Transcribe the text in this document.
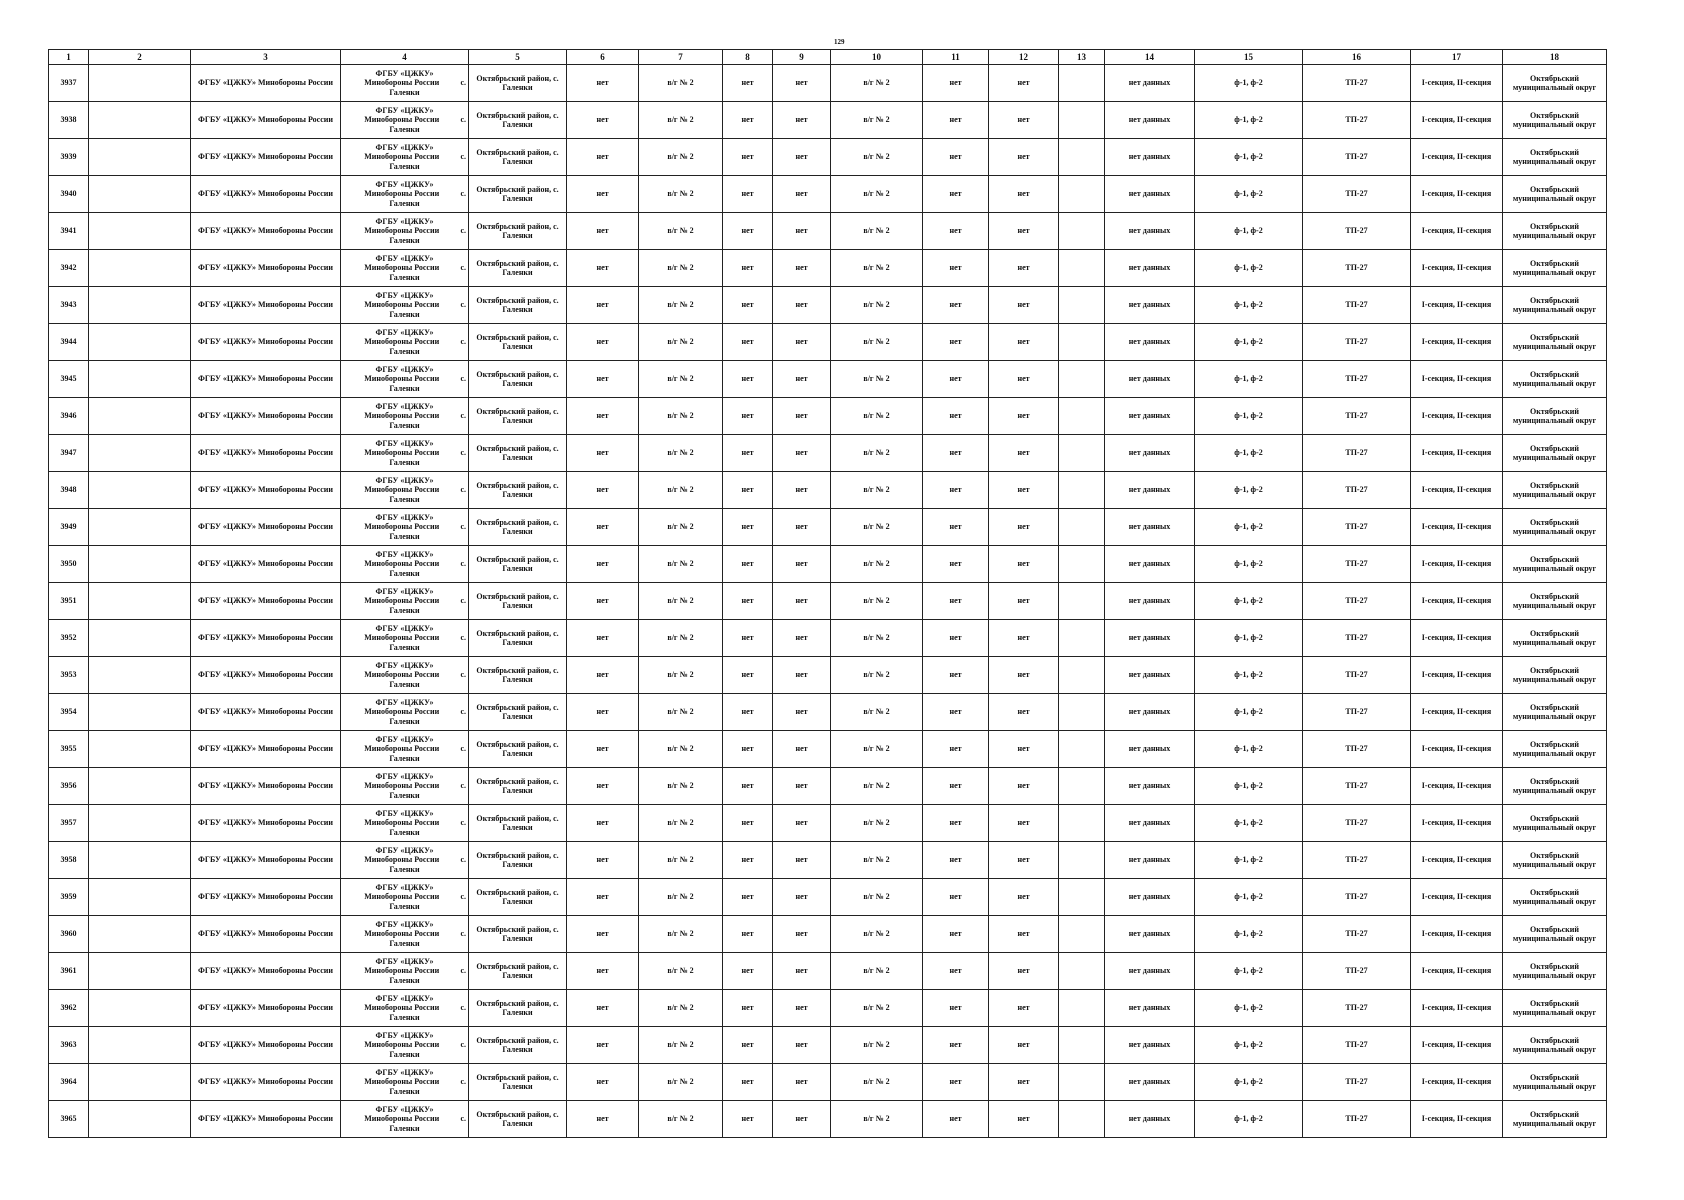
129
1	2	3	4	5	6	7	8	9	10	11	12	13	14	15	16	17	18
3937		ФГБУ «ЦЖКУ» Минобороны России	ФГБУ «ЦЖКУ»
Минобороны России с.
Галенки	Октябрьский район, с. Галенки	нет	в/г № 2	нет	нет	в/г № 2	нет	нет		нет данных	ф-1, ф-2	ТП-27	I-секция, II-секция	Октябрьский муниципальный округ
3938		ФГБУ «ЦЖКУ» Минобороны России	ФГБУ «ЦЖКУ»
Минобороны России с.
Галенки	Октябрьский район, с. Галенки	нет	в/г № 2	нет	нет	в/г № 2	нет	нет		нет данных	ф-1, ф-2	ТП-27	I-секция, II-секция	Октябрьский муниципальный округ
3939		ФГБУ «ЦЖКУ» Минобороны России	ФГБУ «ЦЖКУ»
Минобороны России с.
Галенки	Октябрьский район, с. Галенки	нет	в/г № 2	нет	нет	в/г № 2	нет	нет		нет данных	ф-1, ф-2	ТП-27	I-секция, II-секция	Октябрьский муниципальный округ
3940		ФГБУ «ЦЖКУ» Минобороны России	ФГБУ «ЦЖКУ»
Минобороны России с.
Галенки	Октябрьский район, с. Галенки	нет	в/г № 2	нет	нет	в/г № 2	нет	нет		нет данных	ф-1, ф-2	ТП-27	I-секция, II-секция	Октябрьский муниципальный округ
3941		ФГБУ «ЦЖКУ» Минобороны России	ФГБУ «ЦЖКУ»
Минобороны России с.
Галенки	Октябрьский район, с. Галенки	нет	в/г № 2	нет	нет	в/г № 2	нет	нет		нет данных	ф-1, ф-2	ТП-27	I-секция, II-секция	Октябрьский муниципальный округ
3942		ФГБУ «ЦЖКУ» Минобороны России	ФГБУ «ЦЖКУ»
Минобороны России с.
Галенки	Октябрьский район, с. Галенки	нет	в/г № 2	нет	нет	в/г № 2	нет	нет		нет данных	ф-1, ф-2	ТП-27	I-секция, II-секция	Октябрьский муниципальный округ
3943		ФГБУ «ЦЖКУ» Минобороны России	ФГБУ «ЦЖКУ»
Минобороны России с.
Галенки	Октябрьский район, с. Галенки	нет	в/г № 2	нет	нет	в/г № 2	нет	нет		нет данных	ф-1, ф-2	ТП-27	I-секция, II-секция	Октябрьский муниципальный округ
3944		ФГБУ «ЦЖКУ» Минобороны России	ФГБУ «ЦЖКУ»
Минобороны России с.
Галенки	Октябрьский район, с. Галенки	нет	в/г № 2	нет	нет	в/г № 2	нет	нет		нет данных	ф-1, ф-2	ТП-27	I-секция, II-секция	Октябрьский муниципальный округ
3945		ФГБУ «ЦЖКУ» Минобороны России	ФГБУ «ЦЖКУ»
Минобороны России с.
Галенки	Октябрьский район, с. Галенки	нет	в/г № 2	нет	нет	в/г № 2	нет	нет		нет данных	ф-1, ф-2	ТП-27	I-секция, II-секция	Октябрьский муниципальный округ
3946		ФГБУ «ЦЖКУ» Минобороны России	ФГБУ «ЦЖКУ»
Минобороны России с.
Галенки	Октябрьский район, с. Галенки	нет	в/г № 2	нет	нет	в/г № 2	нет	нет		нет данных	ф-1, ф-2	ТП-27	I-секция, II-секция	Октябрьский муниципальный округ
3947		ФГБУ «ЦЖКУ» Минобороны России	ФГБУ «ЦЖКУ»
Минобороны России с.
Галенки	Октябрьский район, с. Галенки	нет	в/г № 2	нет	нет	в/г № 2	нет	нет		нет данных	ф-1, ф-2	ТП-27	I-секция, II-секция	Октябрьский муниципальный округ
3948		ФГБУ «ЦЖКУ» Минобороны России	ФГБУ «ЦЖКУ»
Минобороны России с.
Галенки	Октябрьский район, с. Галенки	нет	в/г № 2	нет	нет	в/г № 2	нет	нет		нет данных	ф-1, ф-2	ТП-27	I-секция, II-секция	Октябрьский муниципальный округ
3949		ФГБУ «ЦЖКУ» Минобороны России	ФГБУ «ЦЖКУ»
Минобороны России с.
Галенки	Октябрьский район, с. Галенки	нет	в/г № 2	нет	нет	в/г № 2	нет	нет		нет данных	ф-1, ф-2	ТП-27	I-секция, II-секция	Октябрьский муниципальный округ
3950		ФГБУ «ЦЖКУ» Минобороны России	ФГБУ «ЦЖКУ»
Минобороны России с.
Галенки	Октябрьский район, с. Галенки	нет	в/г № 2	нет	нет	в/г № 2	нет	нет		нет данных	ф-1, ф-2	ТП-27	I-секция, II-секция	Октябрьский муниципальный округ
3951		ФГБУ «ЦЖКУ» Минобороны России	ФГБУ «ЦЖКУ»
Минобороны России с.
Галенки	Октябрьский район, с. Галенки	нет	в/г № 2	нет	нет	в/г № 2	нет	нет		нет данных	ф-1, ф-2	ТП-27	I-секция, II-секция	Октябрьский муниципальный округ
3952		ФГБУ «ЦЖКУ» Минобороны России	ФГБУ «ЦЖКУ»
Минобороны России с.
Галенки	Октябрьский район, с. Галенки	нет	в/г № 2	нет	нет	в/г № 2	нет	нет		нет данных	ф-1, ф-2	ТП-27	I-секция, II-секция	Октябрьский муниципальный округ
3953		ФГБУ «ЦЖКУ» Минобороны России	ФГБУ «ЦЖКУ»
Минобороны России с.
Галенки	Октябрьский район, с. Галенки	нет	в/г № 2	нет	нет	в/г № 2	нет	нет		нет данных	ф-1, ф-2	ТП-27	I-секция, II-секция	Октябрьский муниципальный округ
3954		ФГБУ «ЦЖКУ» Минобороны России	ФГБУ «ЦЖКУ»
Минобороны России с.
Галенки	Октябрьский район, с. Галенки	нет	в/г № 2	нет	нет	в/г № 2	нет	нет		нет данных	ф-1, ф-2	ТП-27	I-секция, II-секция	Октябрьский муниципальный округ
3955		ФГБУ «ЦЖКУ» Минобороны России	ФГБУ «ЦЖКУ»
Минобороны России с.
Галенки	Октябрьский район, с. Галенки	нет	в/г № 2	нет	нет	в/г № 2	нет	нет		нет данных	ф-1, ф-2	ТП-27	I-секция, II-секция	Октябрьский муниципальный округ
3956		ФГБУ «ЦЖКУ» Минобороны России	ФГБУ «ЦЖКУ»
Минобороны России с.
Галенки	Октябрьский район, с. Галенки	нет	в/г № 2	нет	нет	в/г № 2	нет	нет		нет данных	ф-1, ф-2	ТП-27	I-секция, II-секция	Октябрьский муниципальный округ
3957		ФГБУ «ЦЖКУ» Минобороны России	ФГБУ «ЦЖКУ»
Минобороны России с.
Галенки	Октябрьский район, с. Галенки	нет	в/г № 2	нет	нет	в/г № 2	нет	нет		нет данных	ф-1, ф-2	ТП-27	I-секция, II-секция	Октябрьский муниципальный округ
3958		ФГБУ «ЦЖКУ» Минобороны России	ФГБУ «ЦЖКУ»
Минобороны России с.
Галенки	Октябрьский район, с. Галенки	нет	в/г № 2	нет	нет	в/г № 2	нет	нет		нет данных	ф-1, ф-2	ТП-27	I-секция, II-секция	Октябрьский муниципальный округ
3959		ФГБУ «ЦЖКУ» Минобороны России	ФГБУ «ЦЖКУ»
Минобороны России с.
Галенки	Октябрьский район, с. Галенки	нет	в/г № 2	нет	нет	в/г № 2	нет	нет		нет данных	ф-1, ф-2	ТП-27	I-секция, II-секция	Октябрьский муниципальный округ
3960		ФГБУ «ЦЖКУ» Минобороны России	ФГБУ «ЦЖКУ»
Минобороны России с.
Галенки	Октябрьский район, с. Галенки	нет	в/г № 2	нет	нет	в/г № 2	нет	нет		нет данных	ф-1, ф-2	ТП-27	I-секция, II-секция	Октябрьский муниципальный округ
3961		ФГБУ «ЦЖКУ» Минобороны России	ФГБУ «ЦЖКУ»
Минобороны России с.
Галенки	Октябрьский район, с. Галенки	нет	в/г № 2	нет	нет	в/г № 2	нет	нет		нет данных	ф-1, ф-2	ТП-27	I-секция, II-секция	Октябрьский муниципальный округ
3962		ФГБУ «ЦЖКУ» Минобороны России	ФГБУ «ЦЖКУ»
Минобороны России с.
Галенки	Октябрьский район, с. Галенки	нет	в/г № 2	нет	нет	в/г № 2	нет	нет		нет данных	ф-1, ф-2	ТП-27	I-секция, II-секция	Октябрьский муниципальный округ
3963		ФГБУ «ЦЖКУ» Минобороны России	ФГБУ «ЦЖКУ»
Минобороны России с.
Галенки	Октябрьский район, с. Галенки	нет	в/г № 2	нет	нет	в/г № 2	нет	нет		нет данных	ф-1, ф-2	ТП-27	I-секция, II-секция	Октябрьский муниципальный округ
3964		ФГБУ «ЦЖКУ» Минобороны России	ФГБУ «ЦЖКУ»
Минобороны России с.
Галенки	Октябрьский район, с. Галенки	нет	в/г № 2	нет	нет	в/г № 2	нет	нет		нет данных	ф-1, ф-2	ТП-27	I-секция, II-секция	Октябрьский муниципальный округ
3965		ФГБУ «ЦЖКУ» Минобороны России	ФГБУ «ЦЖКУ»
Минобороны России с.
Галенки	Октябрьский район, с. Галенки	нет	в/г № 2	нет	нет	в/г № 2	нет	нет		нет данных	ф-1, ф-2	ТП-27	I-секция, II-секция	Октябрьский муниципальный округ
